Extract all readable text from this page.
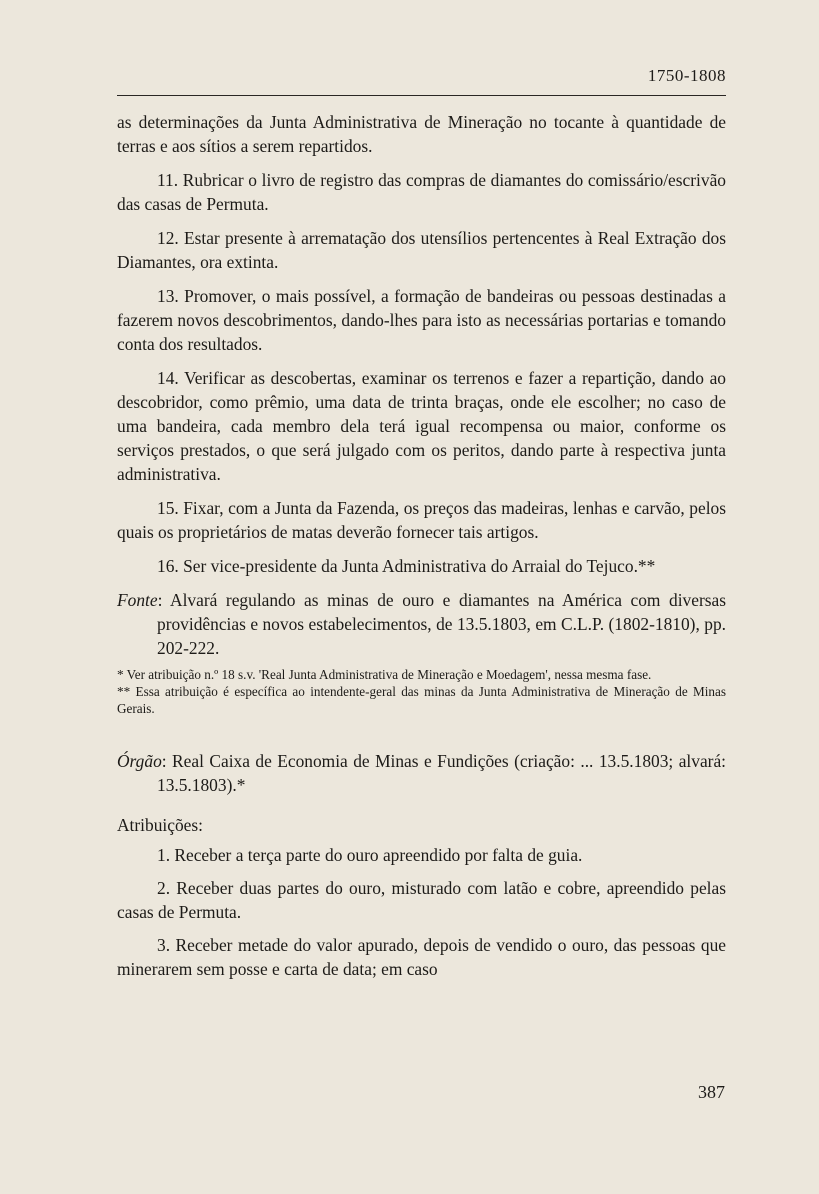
1750-1808

as determinações da Junta Administrativa de Mineração no tocante à quantidade de terras e aos sítios a serem repartidos.

11. Rubricar o livro de registro das compras de diamantes do comissário/escrivão das casas de Permuta.

12. Estar presente à arrematação dos utensílios pertencentes à Real Extração dos Diamantes, ora extinta.

13. Promover, o mais possível, a formação de bandeiras ou pessoas destinadas a fazerem novos descobrimentos, dando-lhes para isto as necessárias portarias e tomando conta dos resultados.

14. Verificar as descobertas, examinar os terrenos e fazer a repartição, dando ao descobridor, como prêmio, uma data de trinta braças, onde ele escolher; no caso de uma bandeira, cada membro dela terá igual recompensa ou maior, conforme os serviços prestados, o que será julgado com os peritos, dando parte à respectiva junta administrativa.

15. Fixar, com a Junta da Fazenda, os preços das madeiras, lenhas e carvão, pelos quais os proprietários de matas deverão fornecer tais artigos.

16. Ser vice-presidente da Junta Administrativa do Arraial do Tejuco.**

Fonte: Alvará regulando as minas de ouro e diamantes na América com diversas providências e novos estabelecimentos, de 13.5.1803, em C.L.P. (1802-1810), pp. 202-222.

* Ver atribuição n.º 18 s.v. 'Real Junta Administrativa de Mineração e Moedagem', nessa mesma fase.

** Essa atribuição é específica ao intendente-geral das minas da Junta Administrativa de Mineração de Minas Gerais.

Órgão: Real Caixa de Economia de Minas e Fundições (criação: ... 13.5.1803; alvará: 13.5.1803).*

Atribuições:

1. Receber a terça parte do ouro apreendido por falta de guia.

2. Receber duas partes do ouro, misturado com latão e cobre, apreendido pelas casas de Permuta.

3. Receber metade do valor apurado, depois de vendido o ouro, das pessoas que minerarem sem posse e carta de data; em caso

387
